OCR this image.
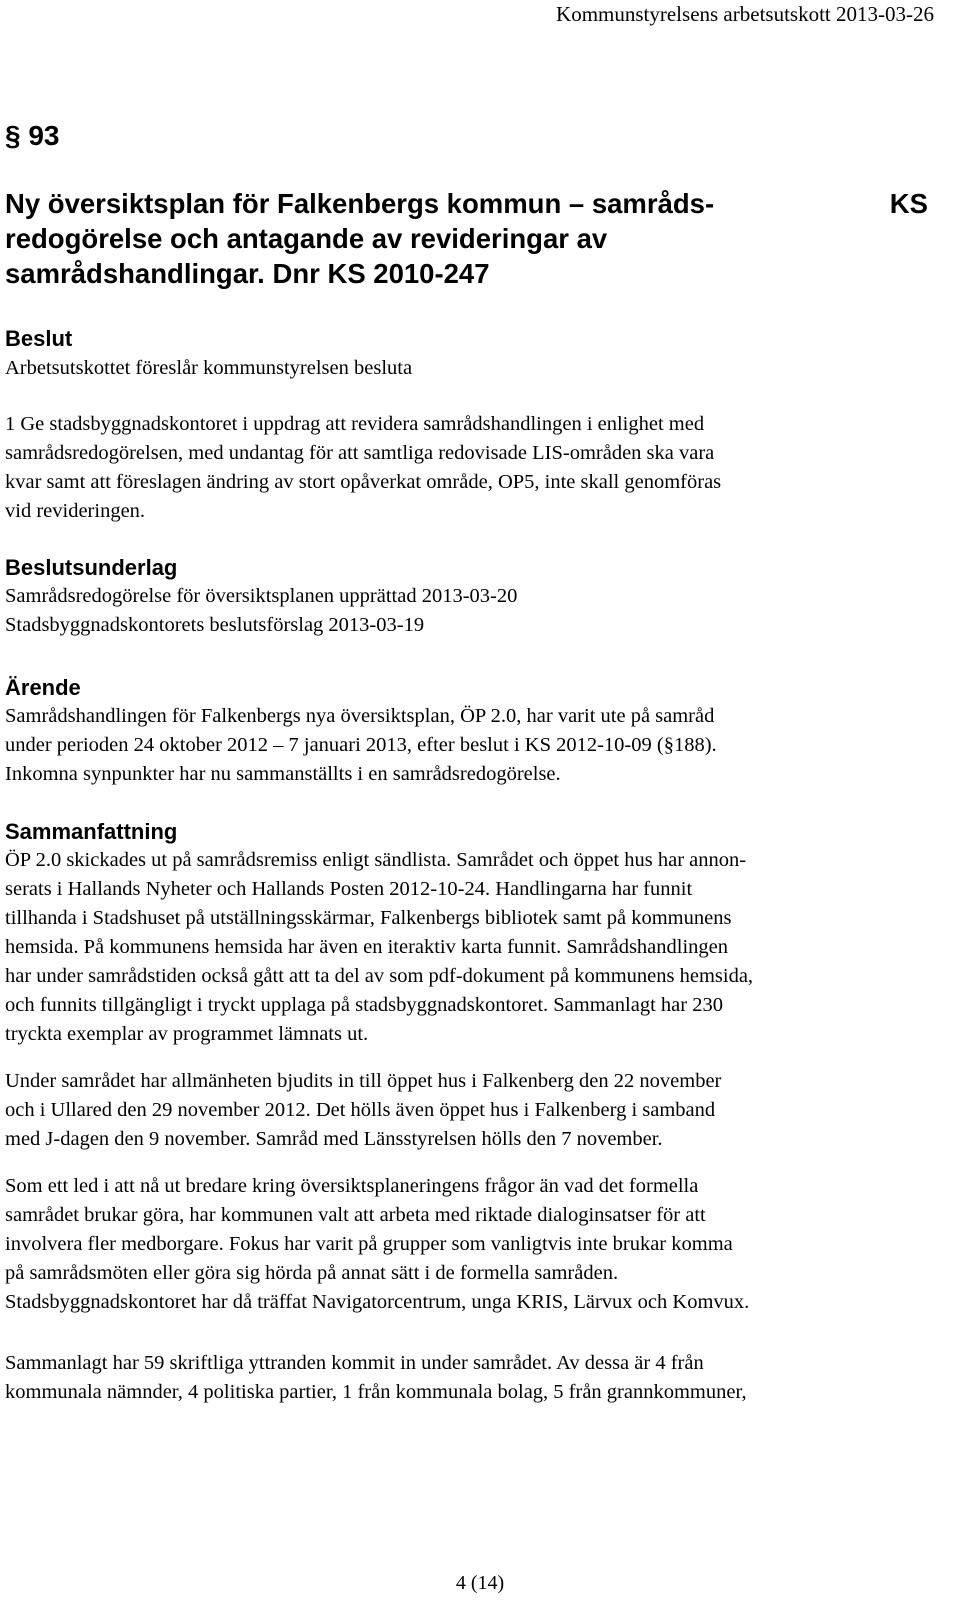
Kommunstyrelsens arbetsutskott 2013-03-26
§ 93
Ny översiktsplan för Falkenbergs kommun – samråds-
redogörelse och antagande av revideringar av
samrådshandlingar. Dnr KS 2010-247
KS
Beslut
Arbetsutskottet föreslår kommunstyrelsen besluta
1 Ge stadsbyggnadskontoret i uppdrag att revidera samrådshandlingen i enlighet med
samrådsredogörelsen, med undantag för att samtliga redovisade LIS-områden ska vara
kvar samt att föreslagen ändring av stort opåverkat område, OP5, inte skall genomföras
vid revideringen.
Beslutsunderlag
Samrådsredogörelse för översiktsplanen upprättad 2013-03-20
Stadsbyggnadskontorets beslutsförslag 2013-03-19
Ärende
Samrådshandlingen för Falkenbergs nya översiktsplan, ÖP 2.0, har varit ute på samråd
under perioden 24 oktober 2012 – 7 januari 2013, efter beslut i KS 2012-10-09 (§188).
Inkomna synpunkter har nu sammanställts i en samrådsredogörelse.
Sammanfattning
ÖP 2.0 skickades ut på samrådsremiss enligt sändlista. Samrådet och öppet hus har annon-
serats i Hallands Nyheter och Hallands Posten 2012-10-24. Handlingarna har funnit
tillhanda i Stadshuset på utställningsskärmar, Falkenbergs bibliotek samt på kommunens
hemsida. På kommunens hemsida har även en iteraktiv karta funnit. Samrådshandlingen
har under samrådstiden också gått att ta del av som pdf-dokument på kommunens hemsida,
och funnits tillgängligt i tryckt upplaga på stadsbyggnadskontoret. Sammanlagt har 230
tryckta exemplar av programmet lämnats ut.
Under samrådet har allmänheten bjudits in till öppet hus i Falkenberg den 22 november
och i Ullared den 29 november 2012. Det hölls även öppet hus i Falkenberg i samband
med J-dagen den 9 november. Samråd med Länsstyrelsen hölls den 7 november.
Som ett led i att nå ut bredare kring översiktsplaneringens frågor än vad det formella
samrådet brukar göra, har kommunen valt att arbeta med riktade dialoginsatser för att
involvera fler medborgare. Fokus har varit på grupper som vanligtvis inte brukar komma
på samrådsmöten eller göra sig hörda på annat sätt i de formella samråden.
Stadsbyggnadskontoret har då träffat Navigatorcentrum, unga KRIS, Lärvux och Komvux.
Sammanlagt har 59 skriftliga yttranden kommit in under samrådet. Av dessa är 4 från
kommunala nämnder, 4 politiska partier, 1 från kommunala bolag, 5 från grannkommuner,
4 (14)
